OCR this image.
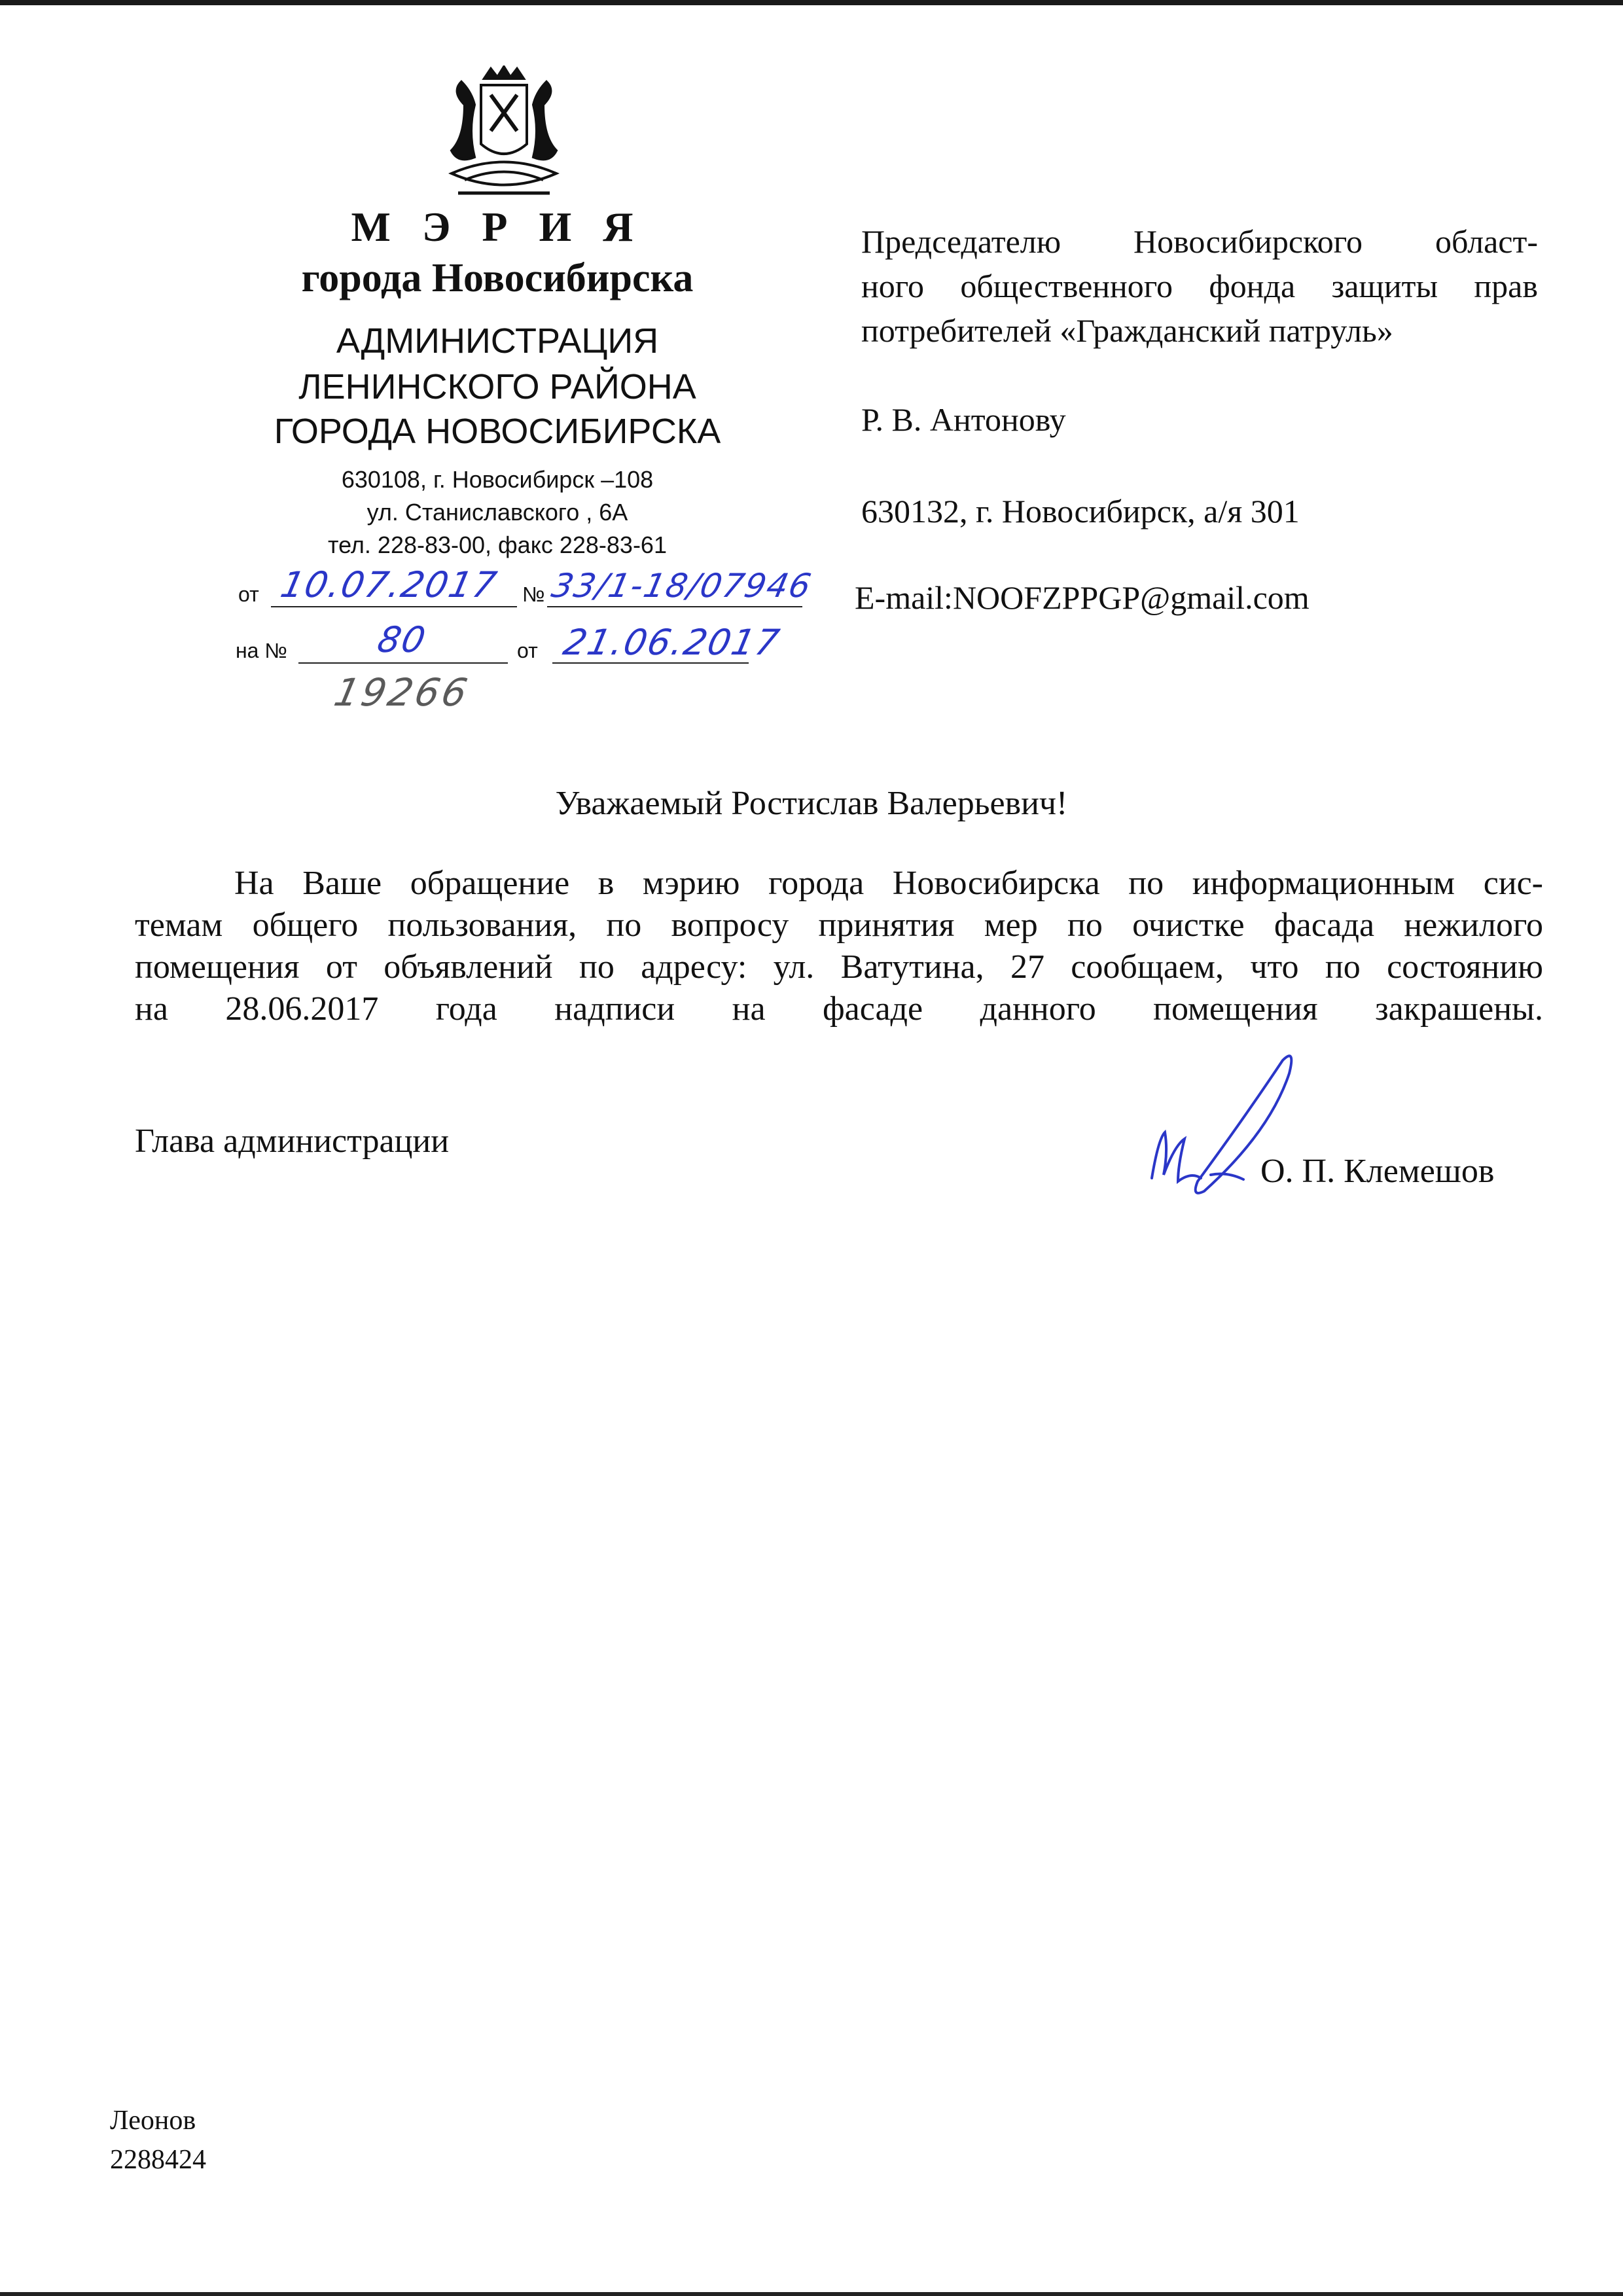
М Э Р И Я
города Новосибирска
АДМИНИСТРАЦИЯ
ЛЕНИНСКОГО РАЙОНА
ГОРОДА НОВОСИБИРСКА
630108, г. Новосибирск –108
ул. Станиславского , 6А
тел. 228-83-00, факс 228-83-61
от 10.07.2017 № 33/1-18/07946
на № 80	от 21.06.2017
19266
Председателю Новосибирского област-
ного общественного фонда защиты прав
потребителей «Гражданский патруль»
Р. В. Антонову
630132, г. Новосибирск, а/я 301
E-mail:NOOFZPPGP@gmail.com
Уважаемый Ростислав Валерьевич!
На Ваше обращение в мэрию города Новосибирска по информационным сис-
темам общего пользования, по вопросу принятия мер по очистке фасада нежилого
помещения от объявлений по адресу: ул. Ватутина, 27 сообщаем, что по состоянию
на 28.06.2017 года надписи на фасаде данного помещения закрашены.
Глава администрации
О. П. Клемешов
Леонов
2288424
